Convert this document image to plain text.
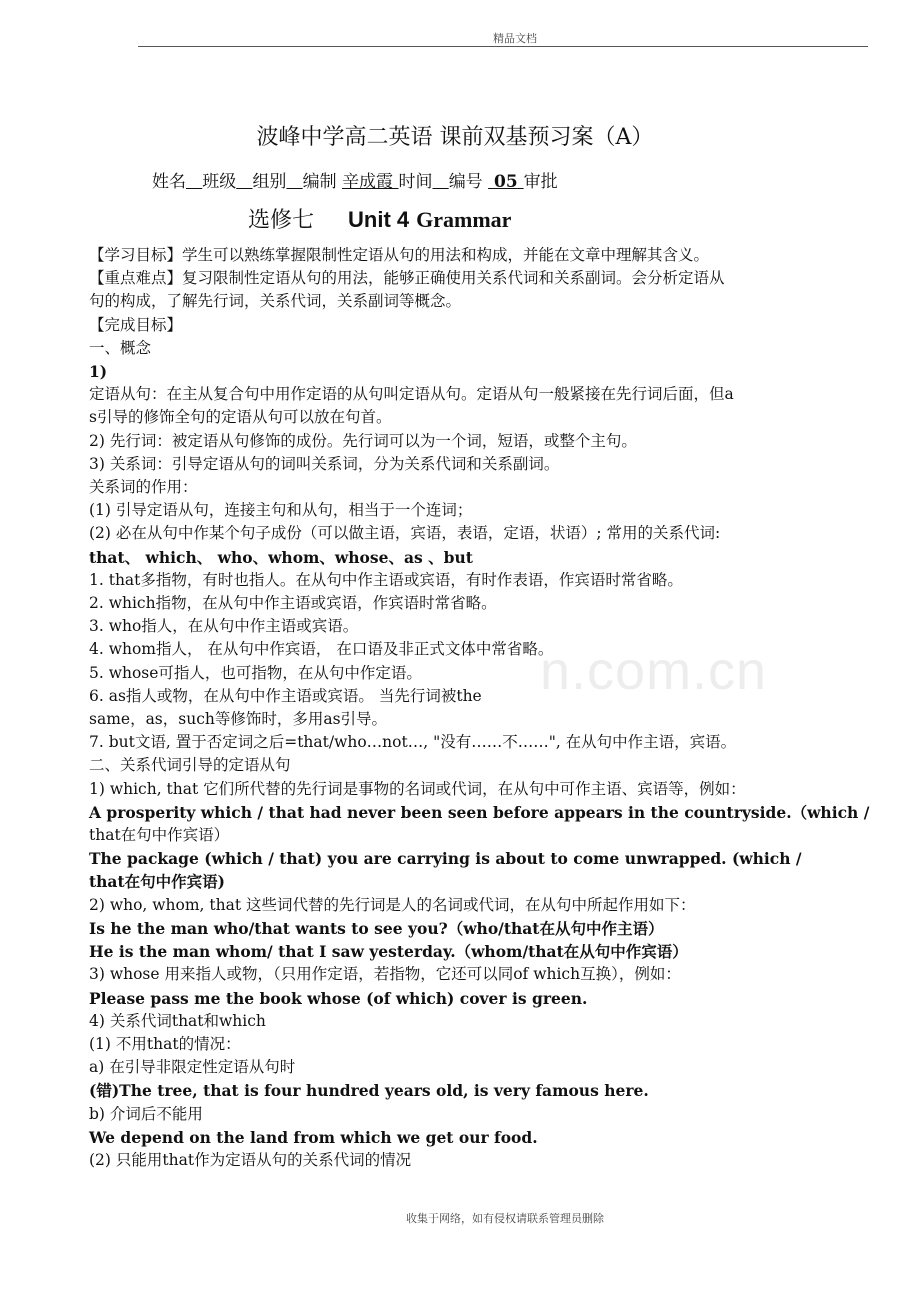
精品文档
n.com.cn
波峰中学高二英语 课前双基预习案（A）
姓名 班级 组别 编制 辛成霞 时间 编号 05 审批
选修七 Unit 4 Grammar
【学习目标】学生可以熟练掌握限制性定语从句的用法和构成，并能在文章中理解其含义。
【重点难点】复习限制性定语从句的用法，能够正确使用关系代词和关系副词。会分析定语从
句的构成，了解先行词，关系代词，关系副词等概念。
【完成目标】
一、概念
1)
定语从句：在主从复合句中用作定语的从句叫定语从句。定语从句一般紧接在先行词后面，但a
s引导的修饰全句的定语从句可以放在句首。
2) 先行词：被定语从句修饰的成份。先行词可以为一个词，短语，或整个主句。
3) 关系词：引导定语从句的词叫关系词，分为关系代词和关系副词。
关系词的作用：
(1) 引导定语从句，连接主句和从句，相当于一个连词；
(2) 必在从句中作某个句子成份（可以做主语，宾语，表语，定语，状语）; 常用的关系代词:
that、 which、 who、whom、whose、as 、but
1. that多指物，有时也指人。在从句中作主语或宾语，有时作表语，作宾语时常省略。
2. which指物，在从句中作主语或宾语，作宾语时常省略。
3. who指人，在从句中作主语或宾语。
4. whom指人， 在从句中作宾语， 在口语及非正式文体中常省略。
5. whose可指人，也可指物，在从句中作定语。
6. as指人或物，在从句中作主语或宾语。 当先行词被the
same，as，such等修饰时，多用as引导。
7. but文语, 置于否定词之后=that/who…not…, "没有……不……", 在从句中作主语，宾语。
二、关系代词引导的定语从句
1) which, that 它们所代替的先行词是事物的名词或代词，在从句中可作主语、宾语等，例如：
A prosperity which / that had never been seen before appears in the countryside.（which /
that在句中作宾语）
The package (which / that) you are carrying is about to come unwrapped. (which /
that在句中作宾语)
2) who, whom, that 这些词代替的先行词是人的名词或代词，在从句中所起作用如下：
Is he the man who/that wants to see you?（who/that在从句中作主语）
He is the man whom/ that I saw yesterday.（whom/that在从句中作宾语）
3) whose 用来指人或物，（只用作定语，若指物，它还可以同of which互换），例如：
Please pass me the book whose (of which) cover is green.
4) 关系代词that和which
(1) 不用that的情况：
a) 在引导非限定性定语从句时
(错)The tree, that is four hundred years old, is very famous here.
b) 介词后不能用
We depend on the land from which we get our food.
(2) 只能用that作为定语从句的关系代词的情况
收集于网络，如有侵权请联系管理员删除
